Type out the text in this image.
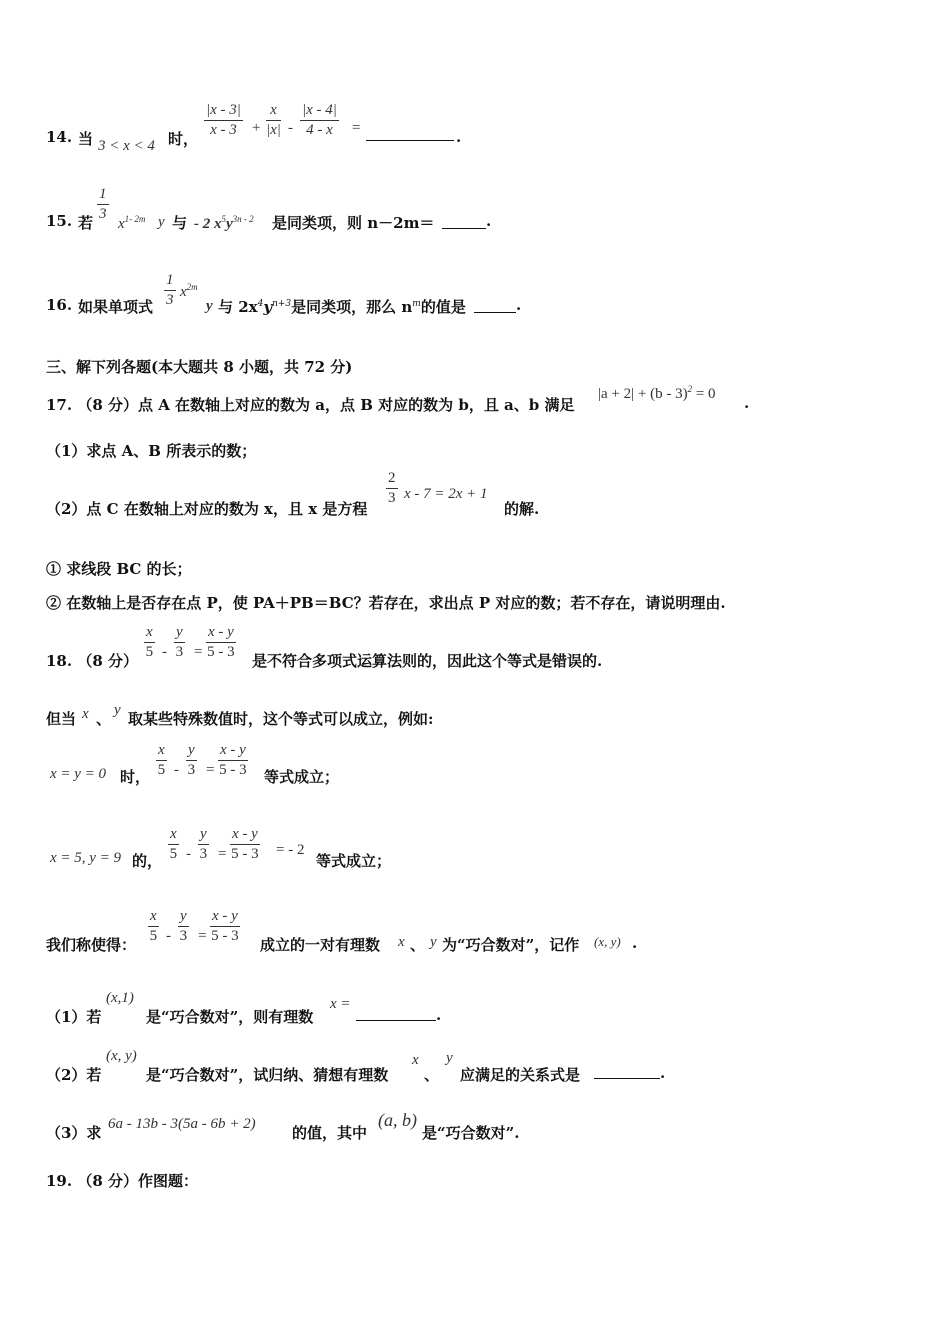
14. 当 3 < x < 4 时， $\frac{|x - 3|}{x - 3} + \frac{x}{|x|} - \frac{|x - 4|}{4 - x}$ =	.
15. 若 $\frac{1}{3}$
$x^{1- 2m}$ y 与 - 2 $x^5y^{3n - 2}$ 是同类项，则 n－2m＝	.
16. 如果单项式 $\frac{1}{3} x^{2m}$
y 与 $2x^4y^{n+3}$是同类项，那么 $n^m$的值是	.
三、解下列各题(本大题共 8 小题，共 72 分)
17. （8 分）点 A 在数轴上对应的数为 a，点 B 对应的数为 b，且 a、b 满足
|a + 2| + (b - 3)$^2$ = 0 .
（1）求点 A、B 所表示的数；
（2）点 C 在数轴上对应的数为 x，且 x 是方程
$\frac{2}{3}$ x - 7 = 2x + 1
的解.
① 求线段 BC 的长；
② 在数轴上是否存在点 P，使 PA＋PB＝BC？若存在，求出点 P 对应的数；若不存在，请说明理由.
18. （8 分） $\frac{x}{5} - \frac{y}{3} = \frac{x - y}{5 - 3}$ 是不符合多项式运算法则的，因此这个等式是错误的.
但当 x 、 y 取某些特殊数值时，这个等式可以成立，例如:
x = y = 0 时， $\frac{x}{5} - \frac{y}{3} = \frac{x - y}{5 - 3}$ 等式成立；
x = 5, y = 9 的， $\frac{x}{5} - \frac{y}{3} = \frac{x - y}{5 - 3}$ = - 2
等式成立；
我们称使得： $\frac{x}{5} - \frac{y}{3} = \frac{x - y}{5 - 3}$ 成立的一对有理数 x 、 y 为“巧合数对”，记作 (x, y) .
（1）若
(x,1)
是“巧合数对”，则有理数
x =
.
（2）若
(x, y)
是“巧合数对”，试归纳、猜想有理数
x
、
y
应满足的关系式是	.
（3）求 6a - 13b - 3(5a - 6b + 2) 的值，其中
(a, b)
是“巧合数对”.
19. （8 分）作图题：
